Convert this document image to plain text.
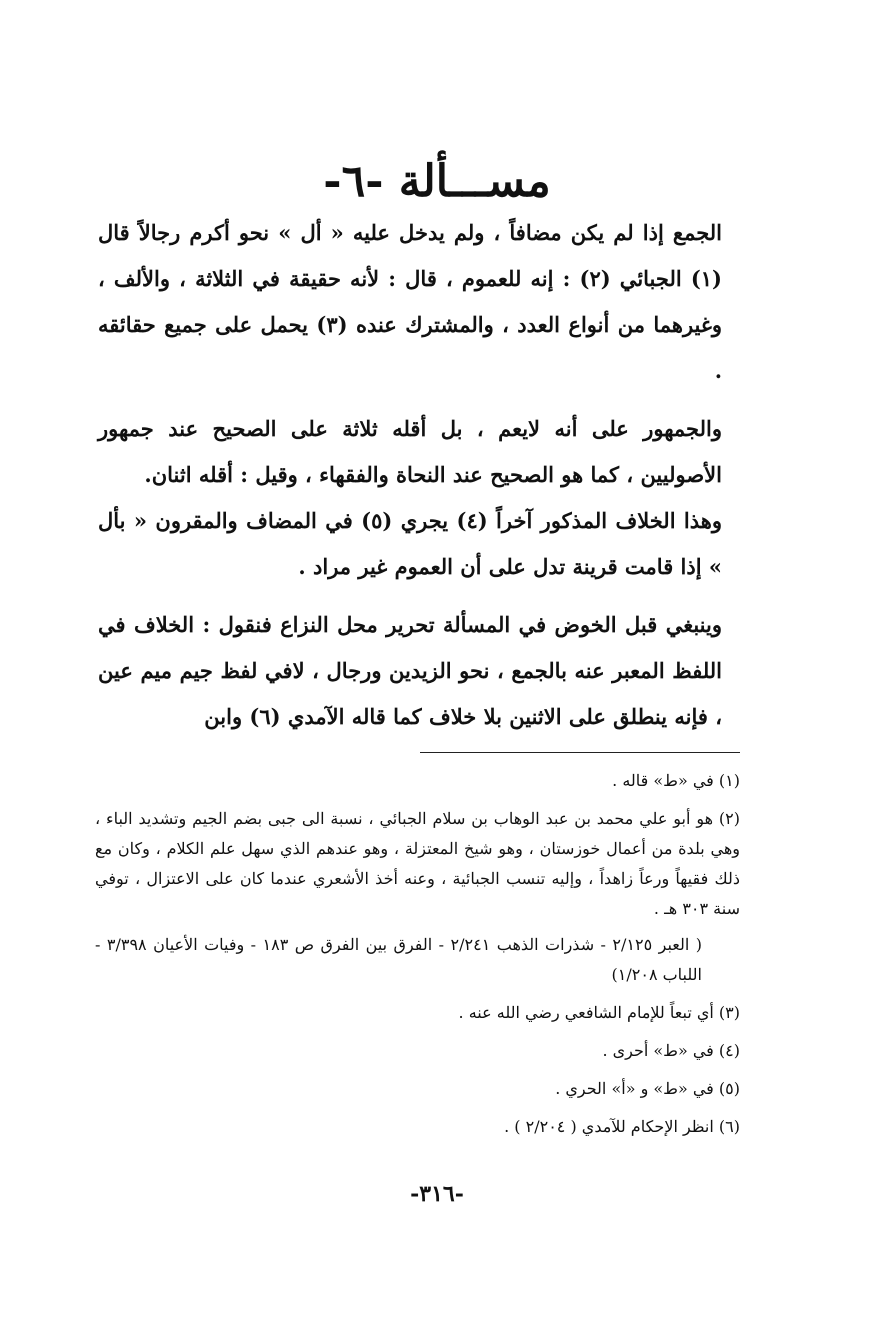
مســـألة -٦-

الجمع إذا لم يكن مضافاً ، ولم يدخل عليه « أل » نحو أكرم رجالاً قال (١) الجبائي (٢) : إنه للعموم ، قال : لأنه حقيقة في الثلاثة ، والألف ، وغيرهما من أنواع العدد ، والمشترك عنده (٣) يحمل على جميع حقائقه .

والجمهور على أنه لايعم ، بل أقله ثلاثة على الصحيح عند جمهور الأصوليين ، كما هو الصحيح عند النحاة والفقهاء ، وقيل : أقله اثنان.

وهذا الخلاف المذكور آخراً (٤) يجري (٥) في المضاف والمقرون « بأل » إذا قامت قرينة تدل على أن العموم غير مراد .

وينبغي قبل الخوض في المسألة تحرير محل النزاع فنقول : الخلاف في اللفظ المعبر عنه بالجمع ، نحو الزيدين ورجال ، لافي لفظ جيم ميم عين ، فإنه ينطلق على الاثنين بلا خلاف كما قاله الآمدي (٦) وابن

(١) في «ط» قاله .

(٢) هو أبو علي محمد بن عبد الوهاب بن سلام الجبائي ، نسبة الى جبى بضم الجيم وتشديد الباء ، وهي بلدة من أعمال خوزستان ، وهو شيخ المعتزلة ، وهو عندهم الذي سهل علم الكلام ، وكان مع ذلك فقيهاً ورعاً زاهداً ، وإليه تنسب الجبائية ، وعنه أخذ الأشعري عندما كان على الاعتزال ، توفي سنة ٣٠٣ هـ .

( العبر ٢/١٢٥ - شذرات الذهب ٢/٢٤١ - الفرق بين الفرق ص ١٨٣ - وفيات الأعيان ٣/٣٩٨ - اللباب ١/٢٠٨)

(٣) أي تبعاً للإمام الشافعي رضي الله عنه .

(٤) في «ط» أحرى .

(٥) في «ط» و «أ» الحري .

(٦) انظر الإحكام للآمدي ( ٢/٢٠٤ ) .

-٣١٦-
